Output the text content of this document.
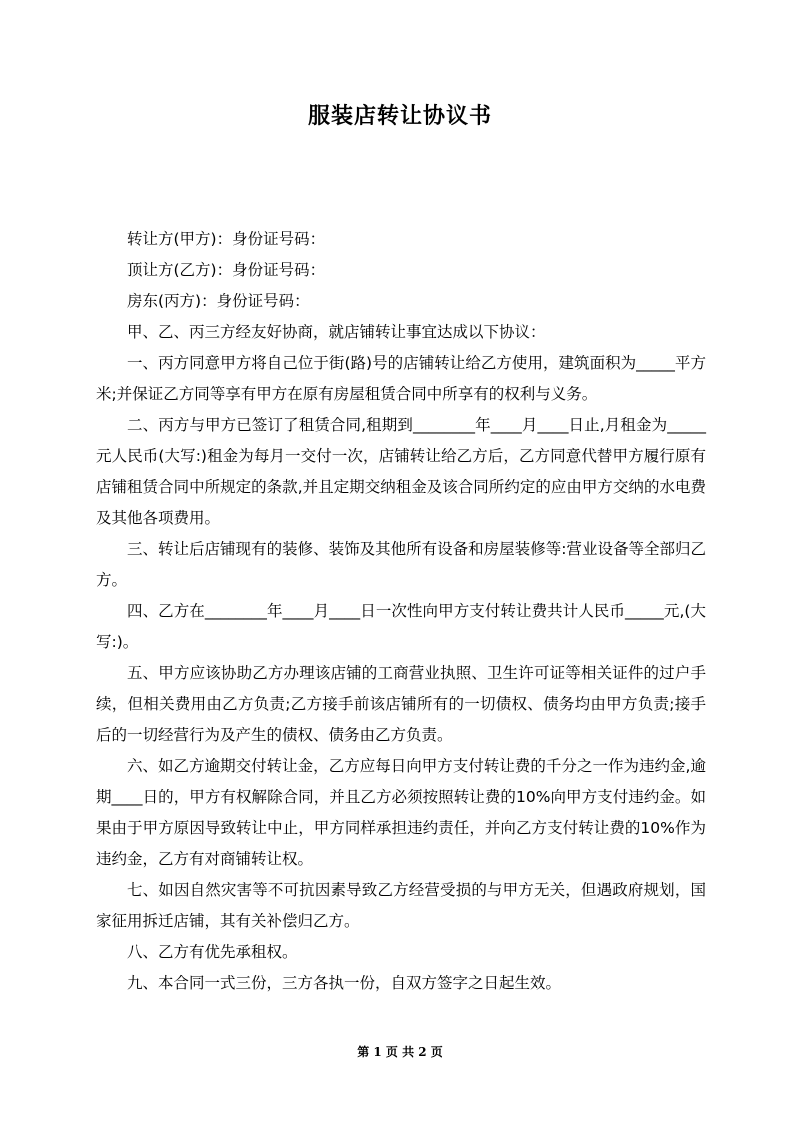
服装店转让协议书

转让方(甲方)：身份证号码：

顶让方(乙方)：身份证号码：

房东(丙方)：身份证号码：

甲、乙、丙三方经友好协商，就店铺转让事宜达成以下协议：

一、丙方同意甲方将自己位于街(路)号的店铺转让给乙方使用，建筑面积为_____平方米;并保证乙方同等享有甲方在原有房屋租赁合同中所享有的权利与义务。

二、丙方与甲方已签订了租赁合同,租期到________年____月____日止,月租金为_____元人民币(大写:)租金为每月一交付一次，店铺转让给乙方后，乙方同意代替甲方履行原有店铺租赁合同中所规定的条款,并且定期交纳租金及该合同所约定的应由甲方交纳的水电费及其他各项费用。

三、转让后店铺现有的装修、装饰及其他所有设备和房屋装修等:营业设备等全部归乙方。

四、乙方在________年____月____日一次性向甲方支付转让费共计人民币_____元,(大写:)。

五、甲方应该协助乙方办理该店铺的工商营业执照、卫生许可证等相关证件的过户手续，但相关费用由乙方负责;乙方接手前该店铺所有的一切债权、债务均由甲方负责;接手后的一切经营行为及产生的债权、债务由乙方负责。

六、如乙方逾期交付转让金，乙方应每日向甲方支付转让费的千分之一作为违约金,逾期____日的，甲方有权解除合同，并且乙方必须按照转让费的10%向甲方支付违约金。如果由于甲方原因导致转让中止，甲方同样承担违约责任，并向乙方支付转让费的10%作为违约金，乙方有对商铺转让权。

七、如因自然灾害等不可抗因素导致乙方经营受损的与甲方无关，但遇政府规划，国家征用拆迁店铺，其有关补偿归乙方。

八、乙方有优先承租权。

九、本合同一式三份，三方各执一份，自双方签字之日起生效。

第 1 页 共 2 页
